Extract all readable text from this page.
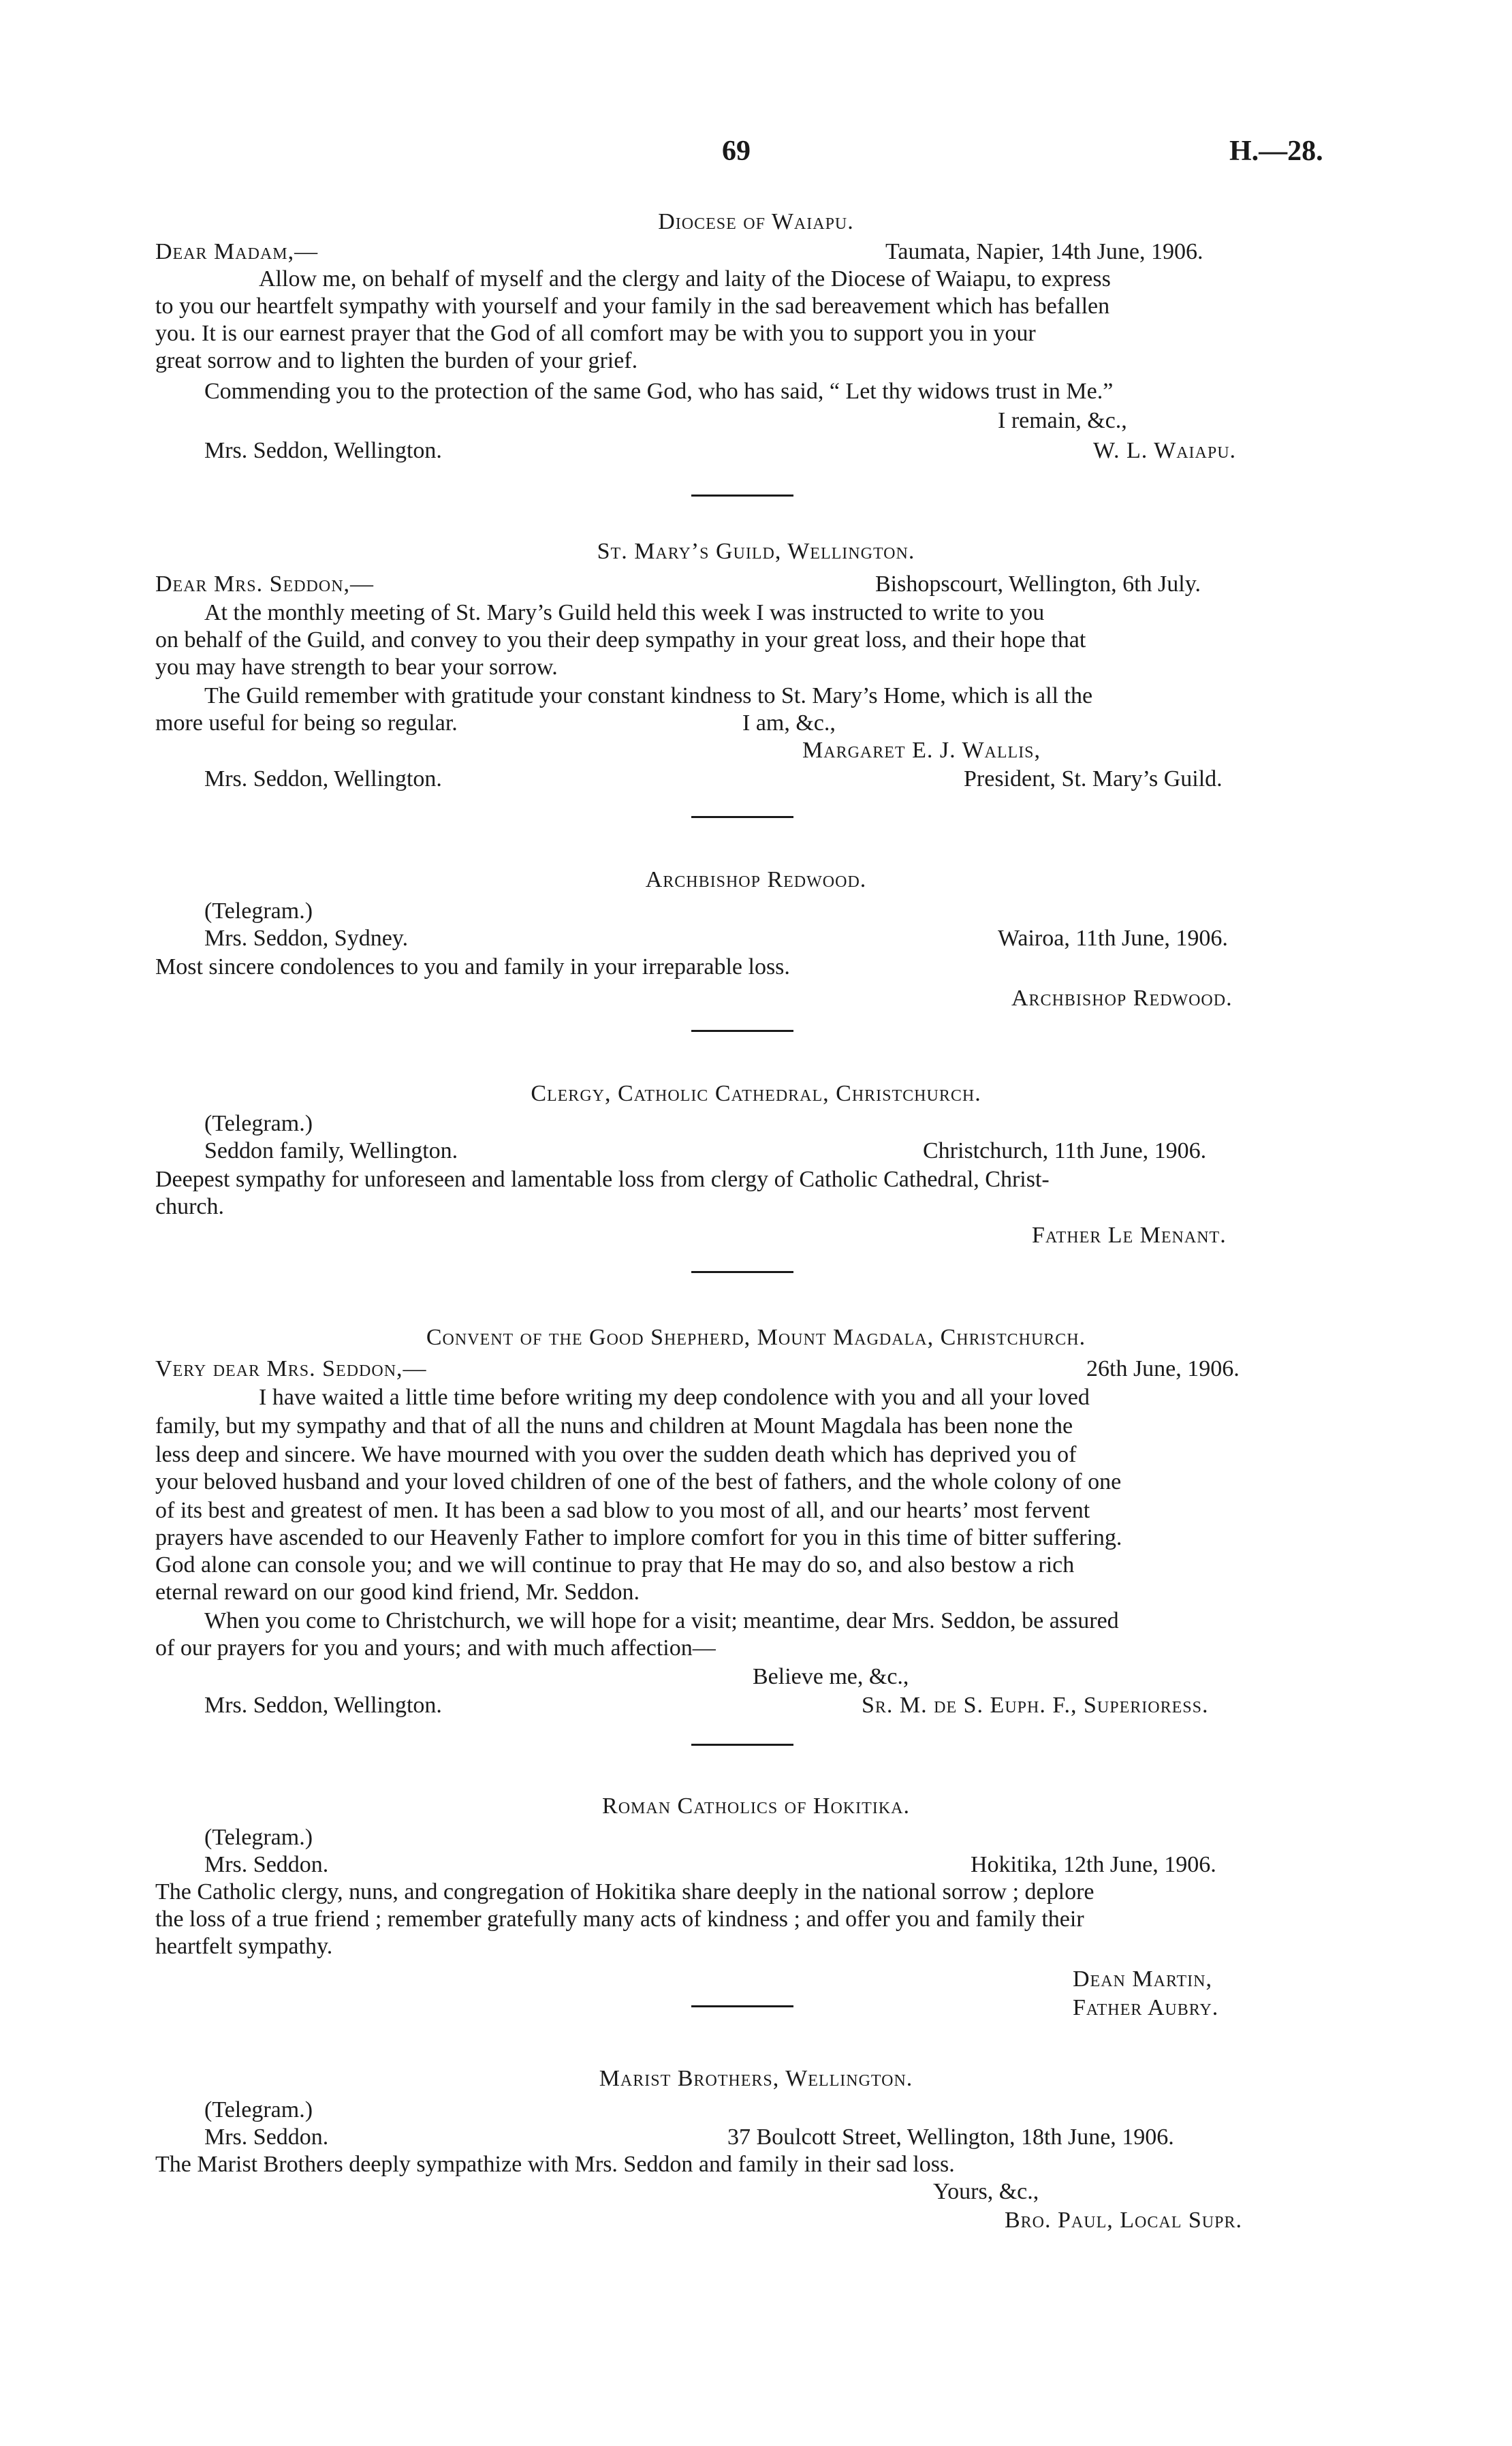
69	H.—28.
Diocese of Waiapu.
Dear Madam,—	Taumata, Napier, 14th June, 1906.
Allow me, on behalf of myself and the clergy and laity of the Diocese of Waiapu, to express
to you our heartfelt sympathy with yourself and your family in the sad bereavement which has befallen
you. It is our earnest prayer that the God of all comfort may be with you to support you in your
great sorrow and to lighten the burden of your grief.
Commending you to the protection of the same God, who has said, “ Let thy widows trust in Me.”
I remain, &c.,
Mrs. Seddon, Wellington.	W. L. Waiapu.
St. Mary’s Guild, Wellington.
Dear Mrs. Seddon,—	Bishopscourt, Wellington, 6th July.
At the monthly meeting of St. Mary’s Guild held this week I was instructed to write to you
on behalf of the Guild, and convey to you their deep sympathy in your great loss, and their hope that
you may have strength to bear your sorrow.
The Guild remember with gratitude your constant kindness to St. Mary’s Home, which is all the
more useful for being so regular.	I am, &c.,
Margaret E. J. Wallis,
Mrs. Seddon, Wellington.	President, St. Mary’s Guild.
Archbishop Redwood.
(Telegram.)
Mrs. Seddon, Sydney.	Wairoa, 11th June, 1906.
Most sincere condolences to you and family in your irreparable loss.
Archbishop Redwood.
Clergy, Catholic Cathedral, Christchurch.
(Telegram.)
Seddon family, Wellington.	Christchurch, 11th June, 1906.
Deepest sympathy for unforeseen and lamentable loss from clergy of Catholic Cathedral, Christ-
church.
Father Le Menant.
Convent of the Good Shepherd, Mount Magdala, Christchurch.
Very dear Mrs. Seddon,—	26th June, 1906.
I have waited a little time before writing my deep condolence with you and all your loved
family, but my sympathy and that of all the nuns and children at Mount Magdala has been none the
less deep and sincere. We have mourned with you over the sudden death which has deprived you of
your beloved husband and your loved children of one of the best of fathers, and the whole colony of one
of its best and greatest of men. It has been a sad blow to you most of all, and our hearts’ most fervent
prayers have ascended to our Heavenly Father to implore comfort for you in this time of bitter suffering.
God alone can console you; and we will continue to pray that He may do so, and also bestow a rich
eternal reward on our good kind friend, Mr. Seddon.
When you come to Christchurch, we will hope for a visit; meantime, dear Mrs. Seddon, be assured
of our prayers for you and yours; and with much affection—
Believe me, &c.,
Mrs. Seddon, Wellington.	Sr. M. de S. Euph. F., Superioress.
Roman Catholics of Hokitika.
(Telegram.)
Mrs. Seddon.	Hokitika, 12th June, 1906.
The Catholic clergy, nuns, and congregation of Hokitika share deeply in the national sorrow ; deplore
the loss of a true friend ; remember gratefully many acts of kindness ; and offer you and family their
heartfelt sympathy.
Dean Martin,
Father Aubry.
Marist Brothers, Wellington.
(Telegram.)
Mrs. Seddon.	37 Boulcott Street, Wellington, 18th June, 1906.
The Marist Brothers deeply sympathize with Mrs. Seddon and family in their sad loss.
Yours, &c.,
Bro. Paul, Local Supr.
